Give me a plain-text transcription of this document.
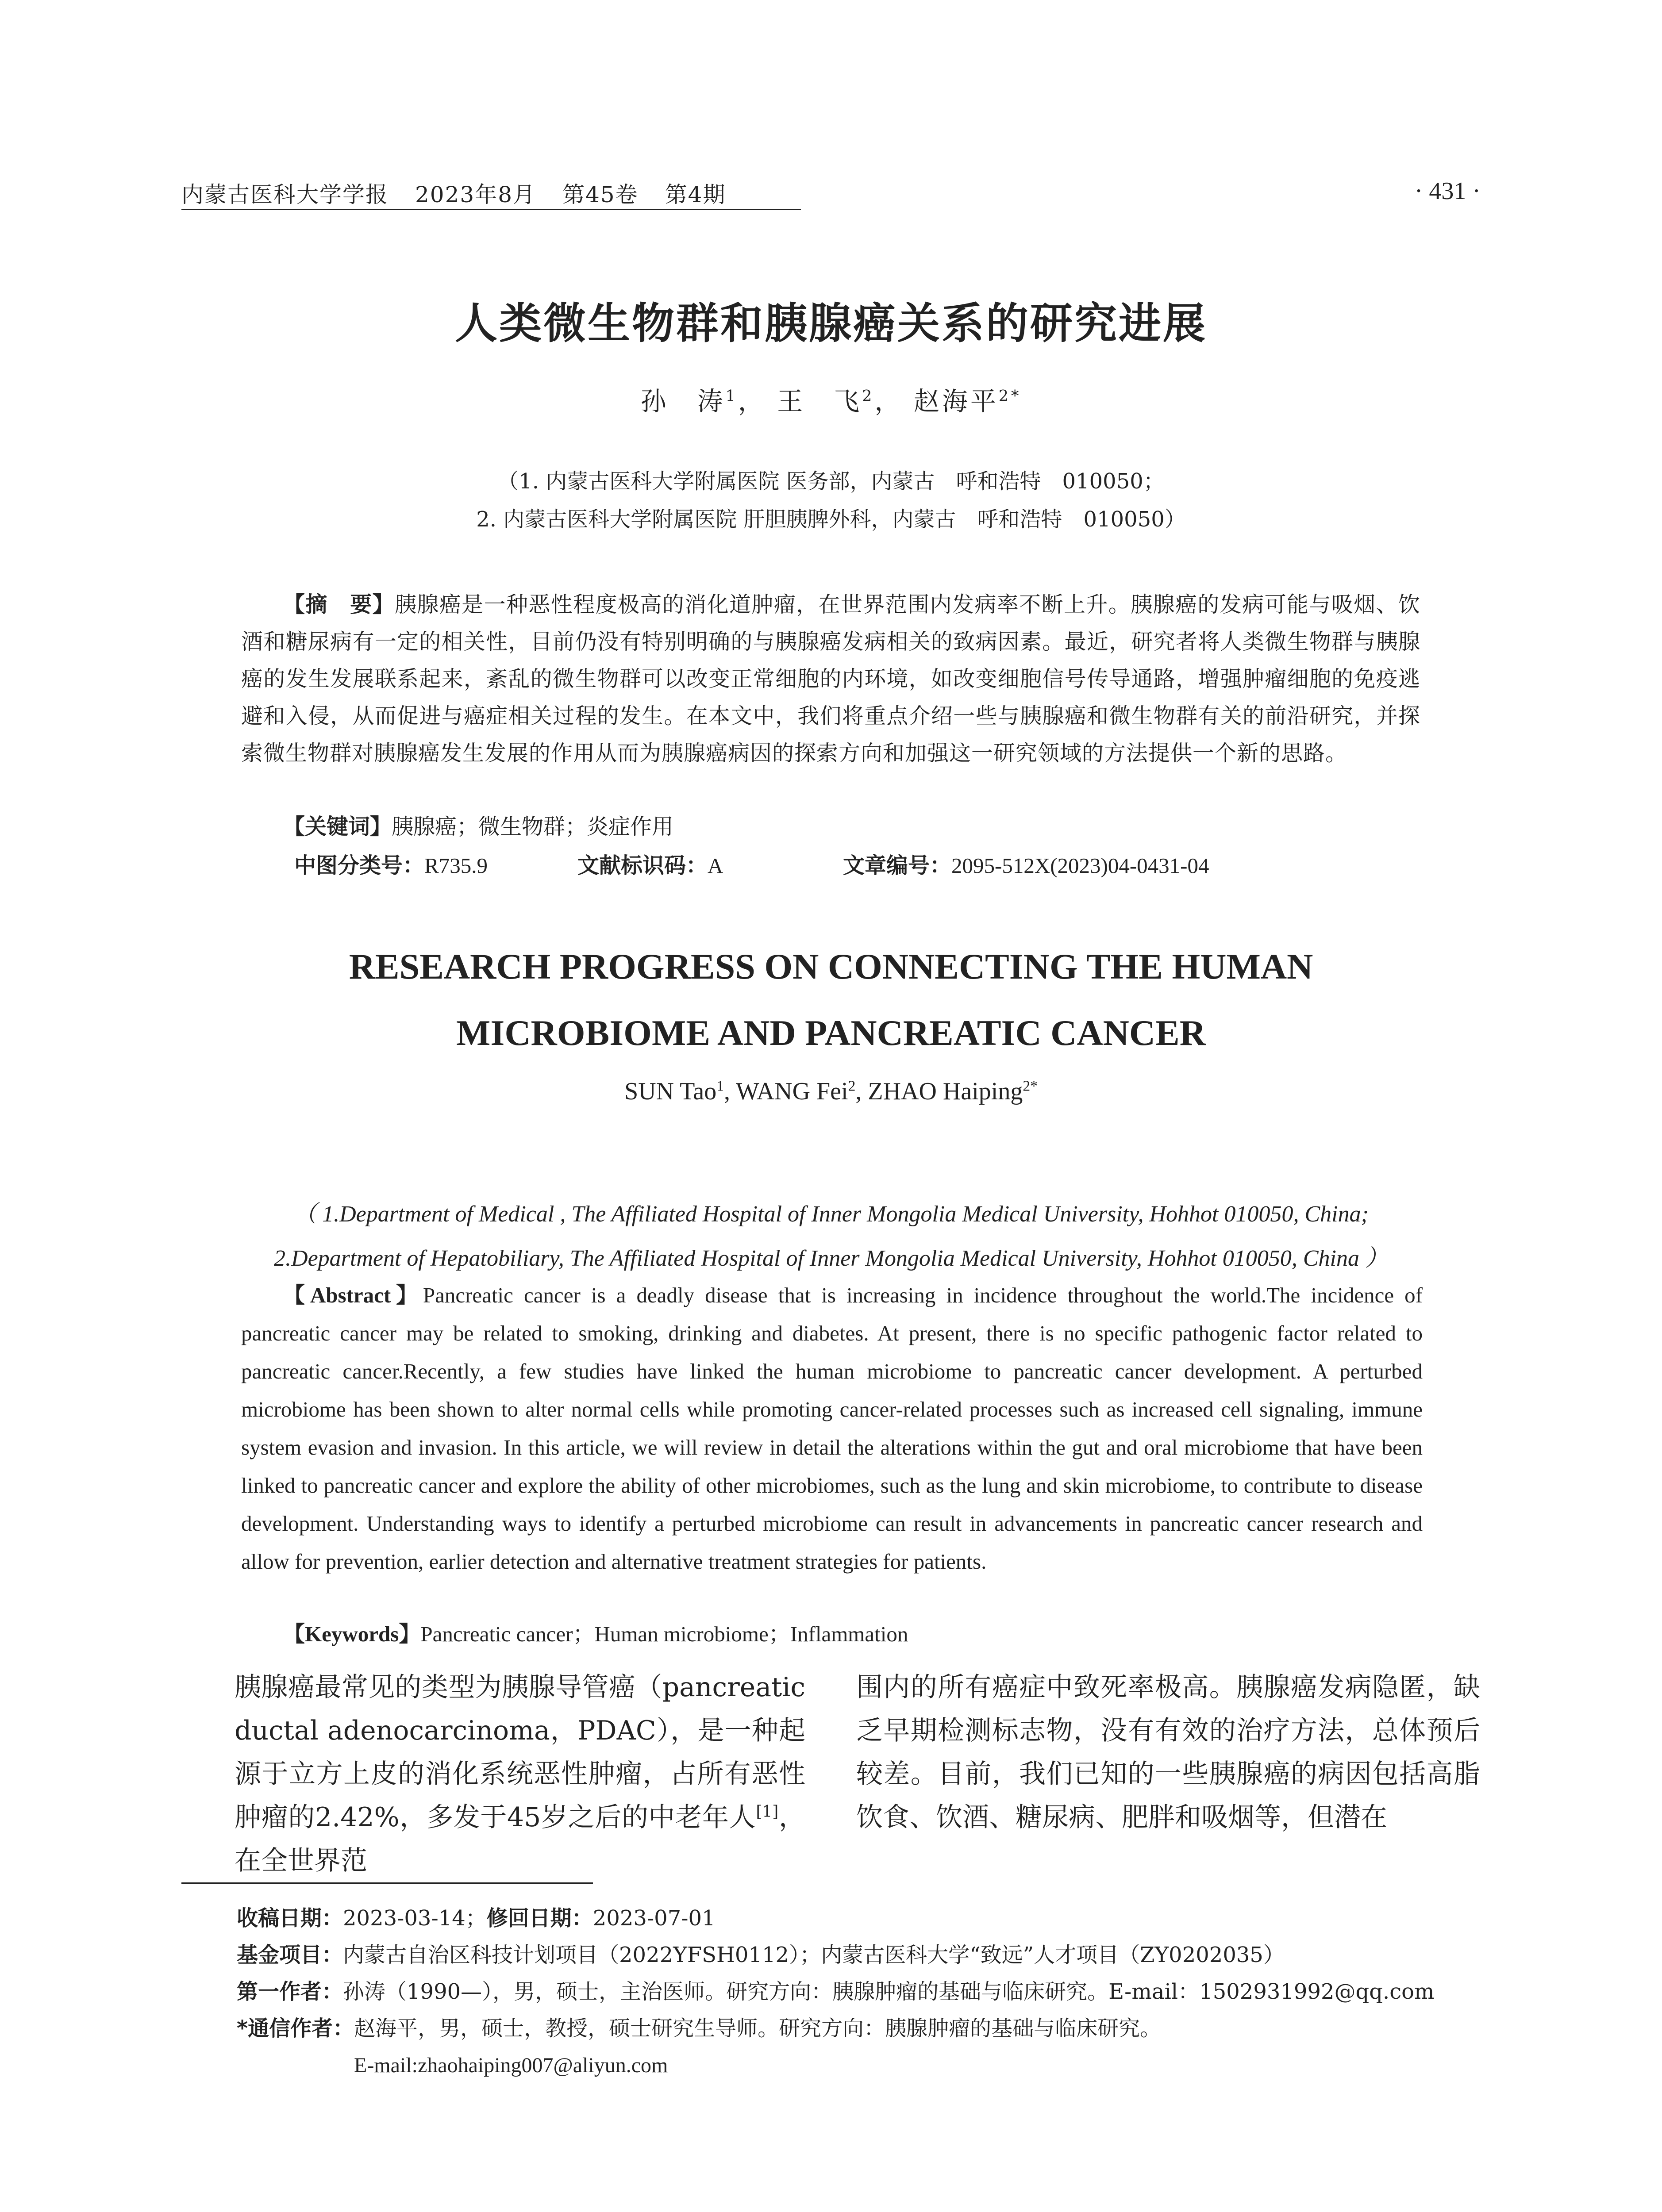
内蒙古医科大学学报 2023年8月 第45卷 第4期	· 431 ·
人类微生物群和胰腺癌关系的研究进展
孙　涛$^1$， 王　飞$^2$， 赵海平$^{2*}$
（1. 内蒙古医科大学附属医院 医务部，内蒙古　呼和浩特　010050；
2. 内蒙古医科大学附属医院 肝胆胰脾外科，内蒙古　呼和浩特　010050）
【摘　要】胰腺癌是一种恶性程度极高的消化道肿瘤，在世界范围内发病率不断上升。胰腺癌的发病可能与吸烟、饮酒和糖尿病有一定的相关性，目前仍没有特别明确的与胰腺癌发病相关的致病因素。最近，研究者将人类微生物群与胰腺癌的发生发展联系起来，紊乱的微生物群可以改变正常细胞的内环境，如改变细胞信号传导通路，增强肿瘤细胞的免疫逃避和入侵，从而促进与癌症相关过程的发生。在本文中，我们将重点介绍一些与胰腺癌和微生物群有关的前沿研究，并探索微生物群对胰腺癌发生发展的作用从而为胰腺癌病因的探索方向和加强这一研究领域的方法提供一个新的思路。
【关键词】胰腺癌；微生物群；炎症作用
中图分类号：R735.9	文献标识码：A	文章编号：2095-512X(2023)04-0431-04
RESEARCH PROGRESS ON CONNECTING THE HUMAN
MICROBIOME AND PANCREATIC CANCER
SUN Tao$^1$, WANG Fei$^2$, ZHAO Haiping$^{2*}$
（ 1.Department of Medical , The Affiliated Hospital of Inner Mongolia Medical University, Hohhot 010050, China;
2.Department of Hepatobiliary, The Affiliated Hospital of Inner Mongolia Medical University, Hohhot 010050, China ）
【Abstract】Pancreatic cancer is a deadly disease that is increasing in incidence throughout the world.The incidence of pancreatic cancer may be related to smoking, drinking and diabetes. At present, there is no specific pathogenic factor related to pancreatic cancer.Recently, a few studies have linked the human microbiome to pancreatic cancer development. A perturbed microbiome has been shown to alter normal cells while promoting cancer-related processes such as increased cell signaling, immune system evasion and invasion. In this article, we will review in detail the alterations within the gut and oral microbiome that have been linked to pancreatic cancer and explore the ability of other microbiomes, such as the lung and skin microbiome, to contribute to disease development. Understanding ways to identify a perturbed microbiome can result in advancements in pancreatic cancer research and allow for prevention, earlier detection and alternative treatment strategies for patients.
【Keywords】Pancreatic cancer；Human microbiome；Inflammation
胰腺癌最常见的类型为胰腺导管癌（pancreatic ductal adenocarcinoma，PDAC），是一种起源于立方上皮的消化系统恶性肿瘤，占所有恶性肿瘤的2.42%，多发于45岁之后的中老年人[1]，在全世界范
围内的所有癌症中致死率极高。胰腺癌发病隐匿，缺乏早期检测标志物，没有有效的治疗方法，总体预后较差。目前，我们已知的一些胰腺癌的病因包括高脂饮食、饮酒、糖尿病、肥胖和吸烟等，但潜在
收稿日期：2023-03-14；修回日期：2023-07-01
基金项目：内蒙古自治区科技计划项目（2022YFSH0112）；内蒙古医科大学“致远”人才项目（ZY0202035）
第一作者：孙涛（1990—），男，硕士，主治医师。研究方向：胰腺肿瘤的基础与临床研究。E-mail：1502931992@qq.com
*通信作者：赵海平，男，硕士，教授，硕士研究生导师。研究方向：胰腺肿瘤的基础与临床研究。
E-mail:zhaohaiping007@aliyun.com
